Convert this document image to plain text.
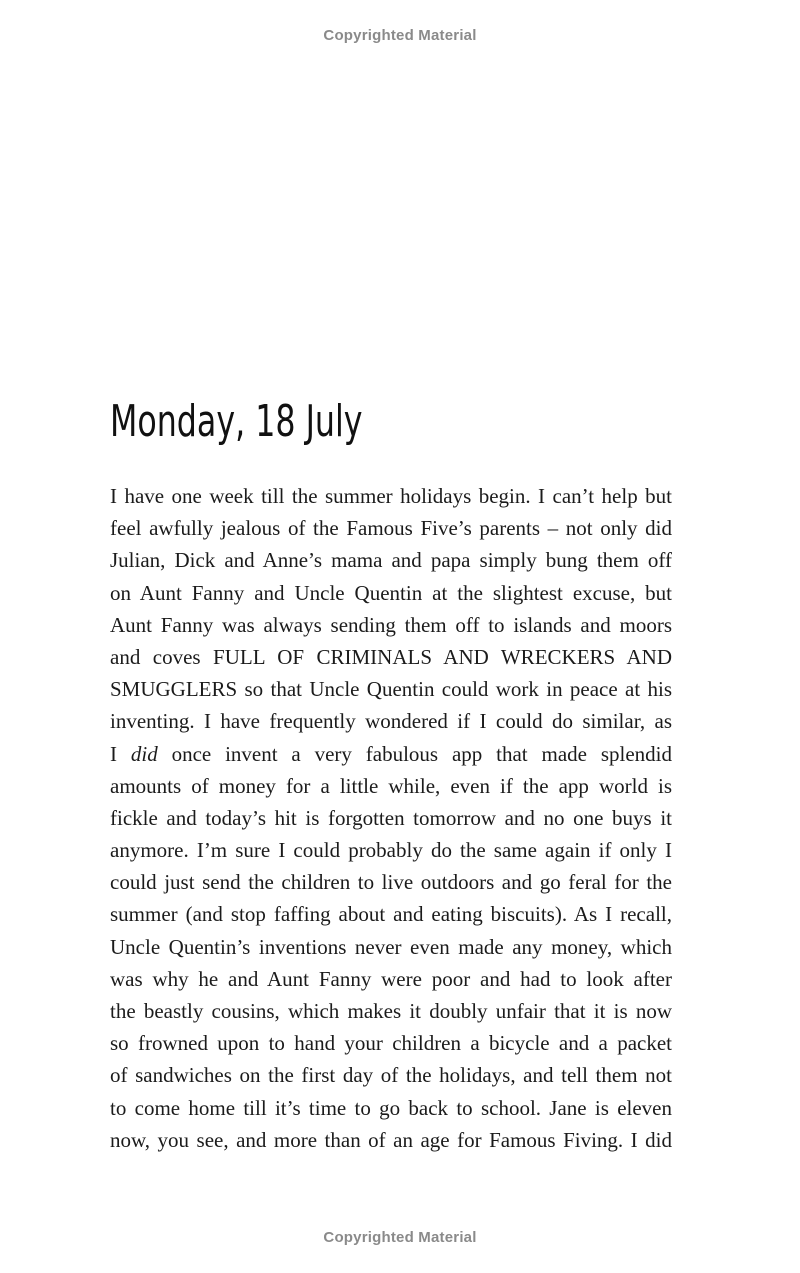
Copyrighted Material
Monday, 18 July
I have one week till the summer holidays begin. I can’t help but
feel awfully jealous of the Famous Five’s parents – not only did
Julian, Dick and Anne’s mama and papa simply bung them off
on Aunt Fanny and Uncle Quentin at the slightest excuse, but
Aunt Fanny was always sending them off to islands and moors
and coves FULL OF CRIMINALS AND WRECKERS AND
SMUGGLERS so that Uncle Quentin could work in peace at his
inventing. I have frequently wondered if I could do similar, as
I did once invent a very fabulous app that made splendid
amounts of money for a little while, even if the app world is
fickle and today’s hit is forgotten tomorrow and no one buys it
anymore. I’m sure I could probably do the same again if only I
could just send the children to live outdoors and go feral for the
summer (and stop faffing about and eating biscuits). As I recall,
Uncle Quentin’s inventions never even made any money, which
was why he and Aunt Fanny were poor and had to look after
the beastly cousins, which makes it doubly unfair that it is now
so frowned upon to hand your children a bicycle and a packet
of sandwiches on the first day of the holidays, and tell them not
to come home till it’s time to go back to school. Jane is eleven
now, you see, and more than of an age for Famous Fiving. I did
Copyrighted Material
